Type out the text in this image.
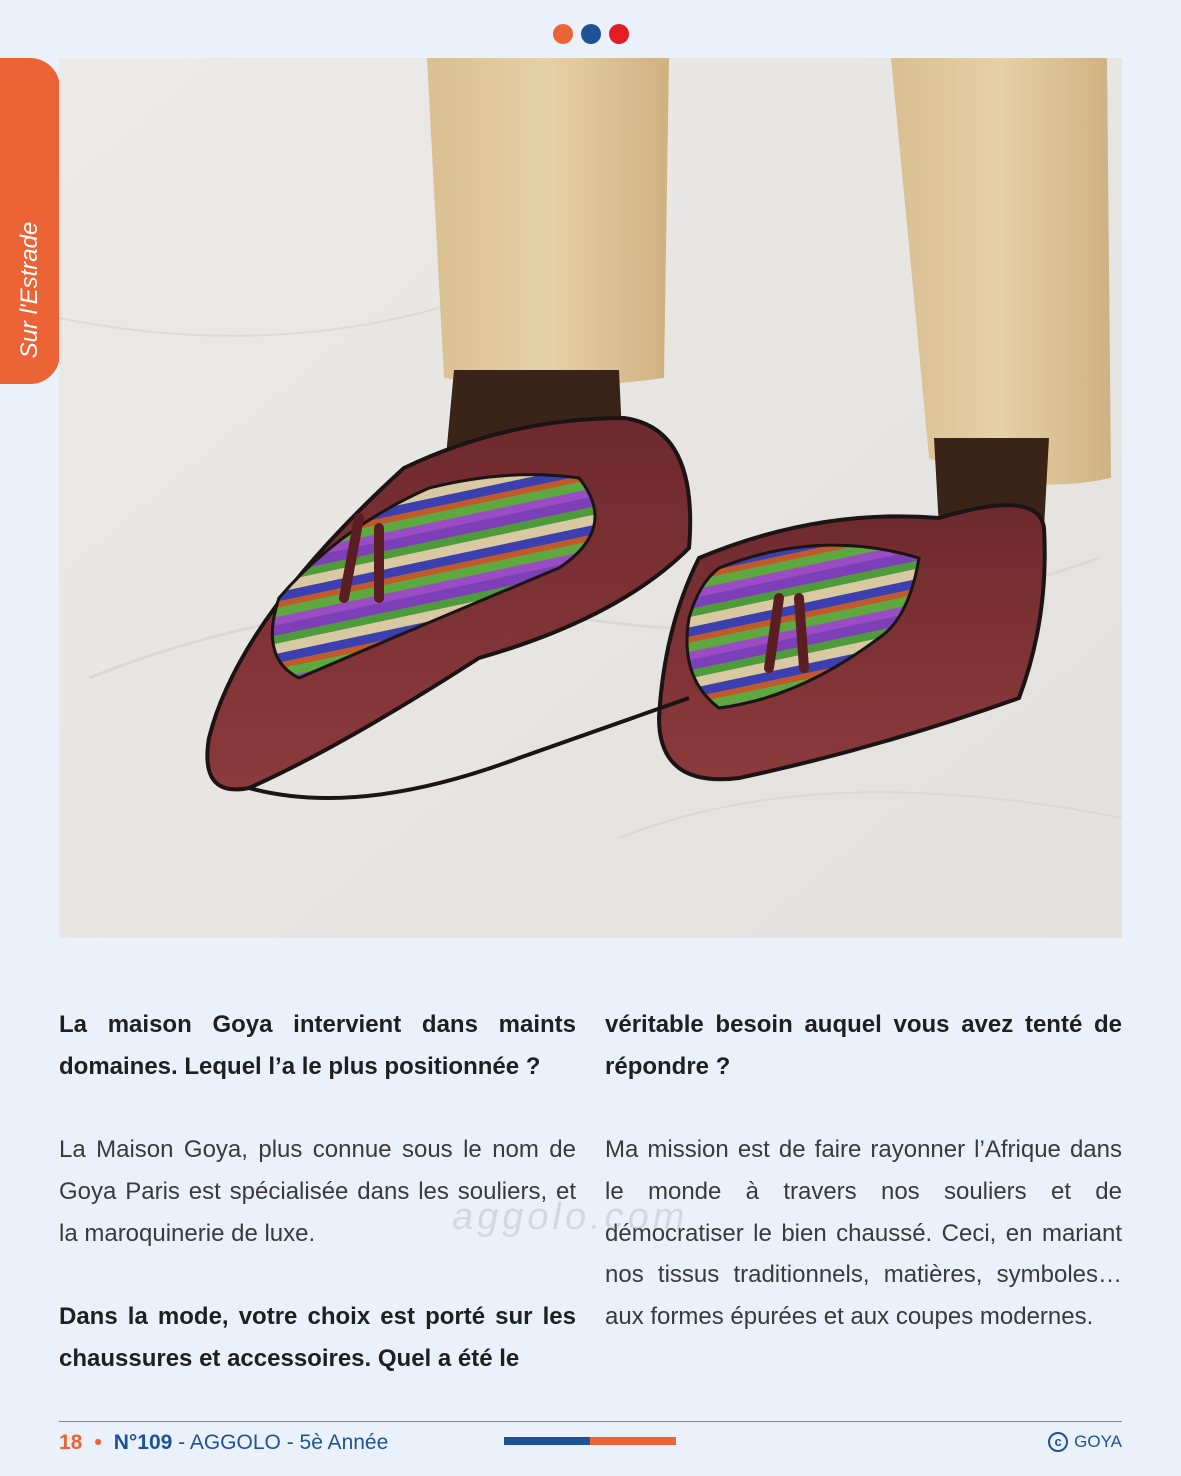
Sur l'Estrade

La maison Goya intervient dans maints domaines. Lequel l’a le plus positionnée ?

La Maison Goya, plus connue sous le nom de Goya Paris est spécialisée dans les souliers, et la maroquinerie de luxe.

Dans la mode, votre choix est porté sur les chaussures et accessoires. Quel a été le

véritable besoin auquel vous avez tenté de répondre ?

Ma mission est de faire rayonner l’Afrique dans le monde à travers nos souliers et de démocratiser le bien chaussé. Ceci, en mariant nos tissus traditionnels, matières, symboles… aux formes épurées et aux coupes modernes.

aggolo.com
18 • N°109 - AGGOLO - 5è Année	c GOYA
